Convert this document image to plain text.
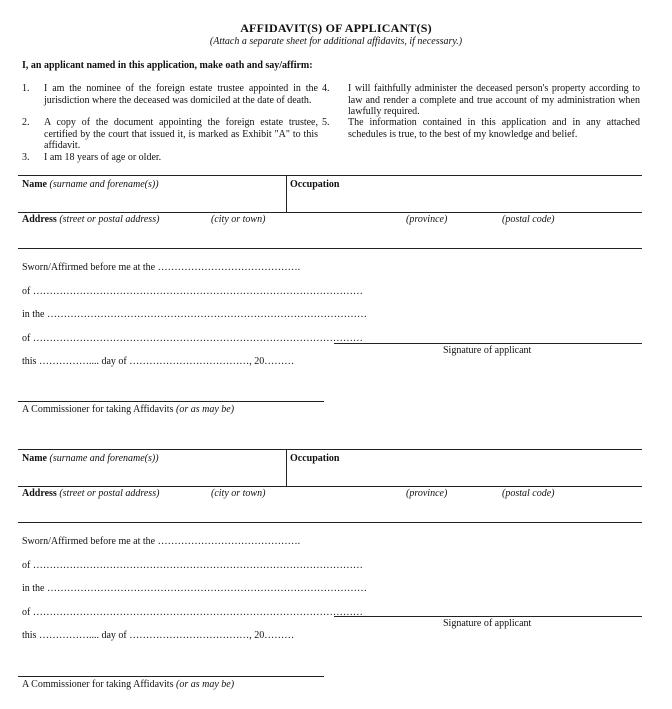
AFFIDAVIT(S) OF APPLICANT(S)
(Attach a separate sheet for additional affidavits, if necessary.)
I, an applicant named in this application, make oath and say/affirm:
1. I am the nominee of the foreign estate trustee appointed in the jurisdiction where the deceased was domiciled at the date of death.
2. A copy of the document appointing the foreign estate trustee, certified by the court that issued it, is marked as Exhibit "A" to this affidavit.
3. I am 18 years of age or older.
4. I will faithfully administer the deceased person's property according to law and render a complete and true account of my administration when lawfully required.
5. The information contained in this application and in any attached schedules is true, to the best of my knowledge and belief.
Name (surname and forename(s))	Occupation
Address (street or postal address)	(city or town)	(province)	(postal code)
Sworn/Affirmed before me at the …………………………………….
of ………………………………………………………………………………………
in the ……………………………………………………………………………………
of ………………………………………………………………………………………
this …………….... day of ………………………………, 20………
Signature of applicant
A Commissioner for taking Affidavits (or as may be)
Name (surname and forename(s))	Occupation
Address (street or postal address)	(city or town)	(province)	(postal code)
Sworn/Affirmed before me at the …………………………………….
of ………………………………………………………………………………………
in the ……………………………………………………………………………………
of ………………………………………………………………………………………
this …………….... day of ………………………………, 20………
Signature of applicant
A Commissioner for taking Affidavits (or as may be)
